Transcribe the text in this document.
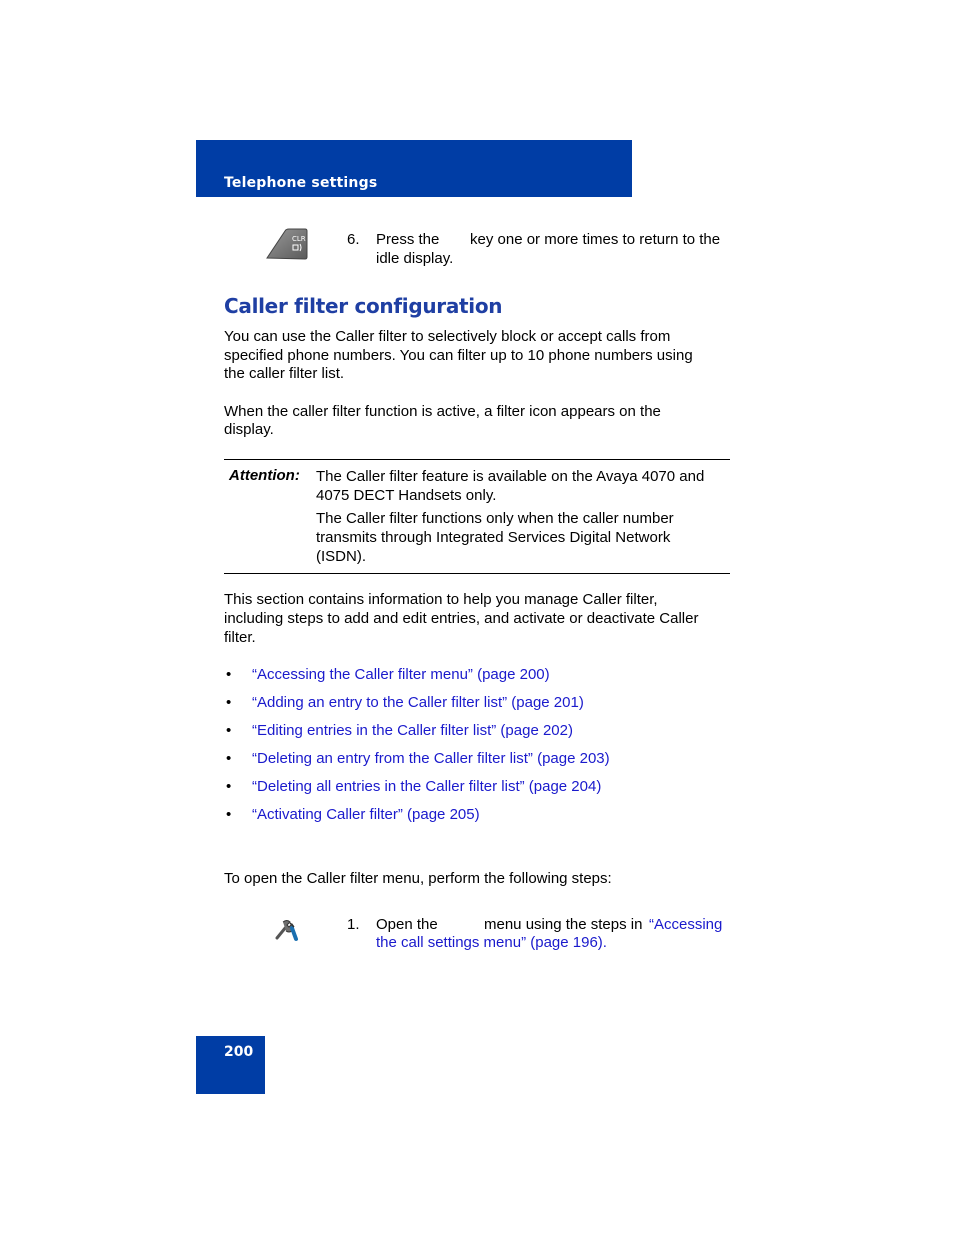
Telephone settings
CLR	6. Press the key one or more times to return to the
idle display.
Caller filter configuration
You can use the Caller filter to selectively block or accept calls from
specified phone numbers. You can filter up to 10 phone numbers using
the caller filter list.
When the caller filter function is active, a filter icon appears on the
display.
Attention: The Caller filter feature is available on the Avaya 4070 and
4075 DECT Handsets only.
The Caller filter functions only when the caller number
transmits through Integrated Services Digital Network
(ISDN).
This section contains information to help you manage Caller filter,
including steps to add and edit entries, and activate or deactivate Caller
filter.
• “Accessing the Caller filter menu” (page 200)
• “Adding an entry to the Caller filter list” (page 201)
• “Editing entries in the Caller filter list” (page 202)
• “Deleting an entry from the Caller filter list” (page 203)
• “Deleting all entries in the Caller filter list” (page 204)
• “Activating Caller filter” (page 205)
To open the Caller filter menu, perform the following steps:
1. Open the	menu using the steps in “Accessing
the call settings menu” (page 196).
200
